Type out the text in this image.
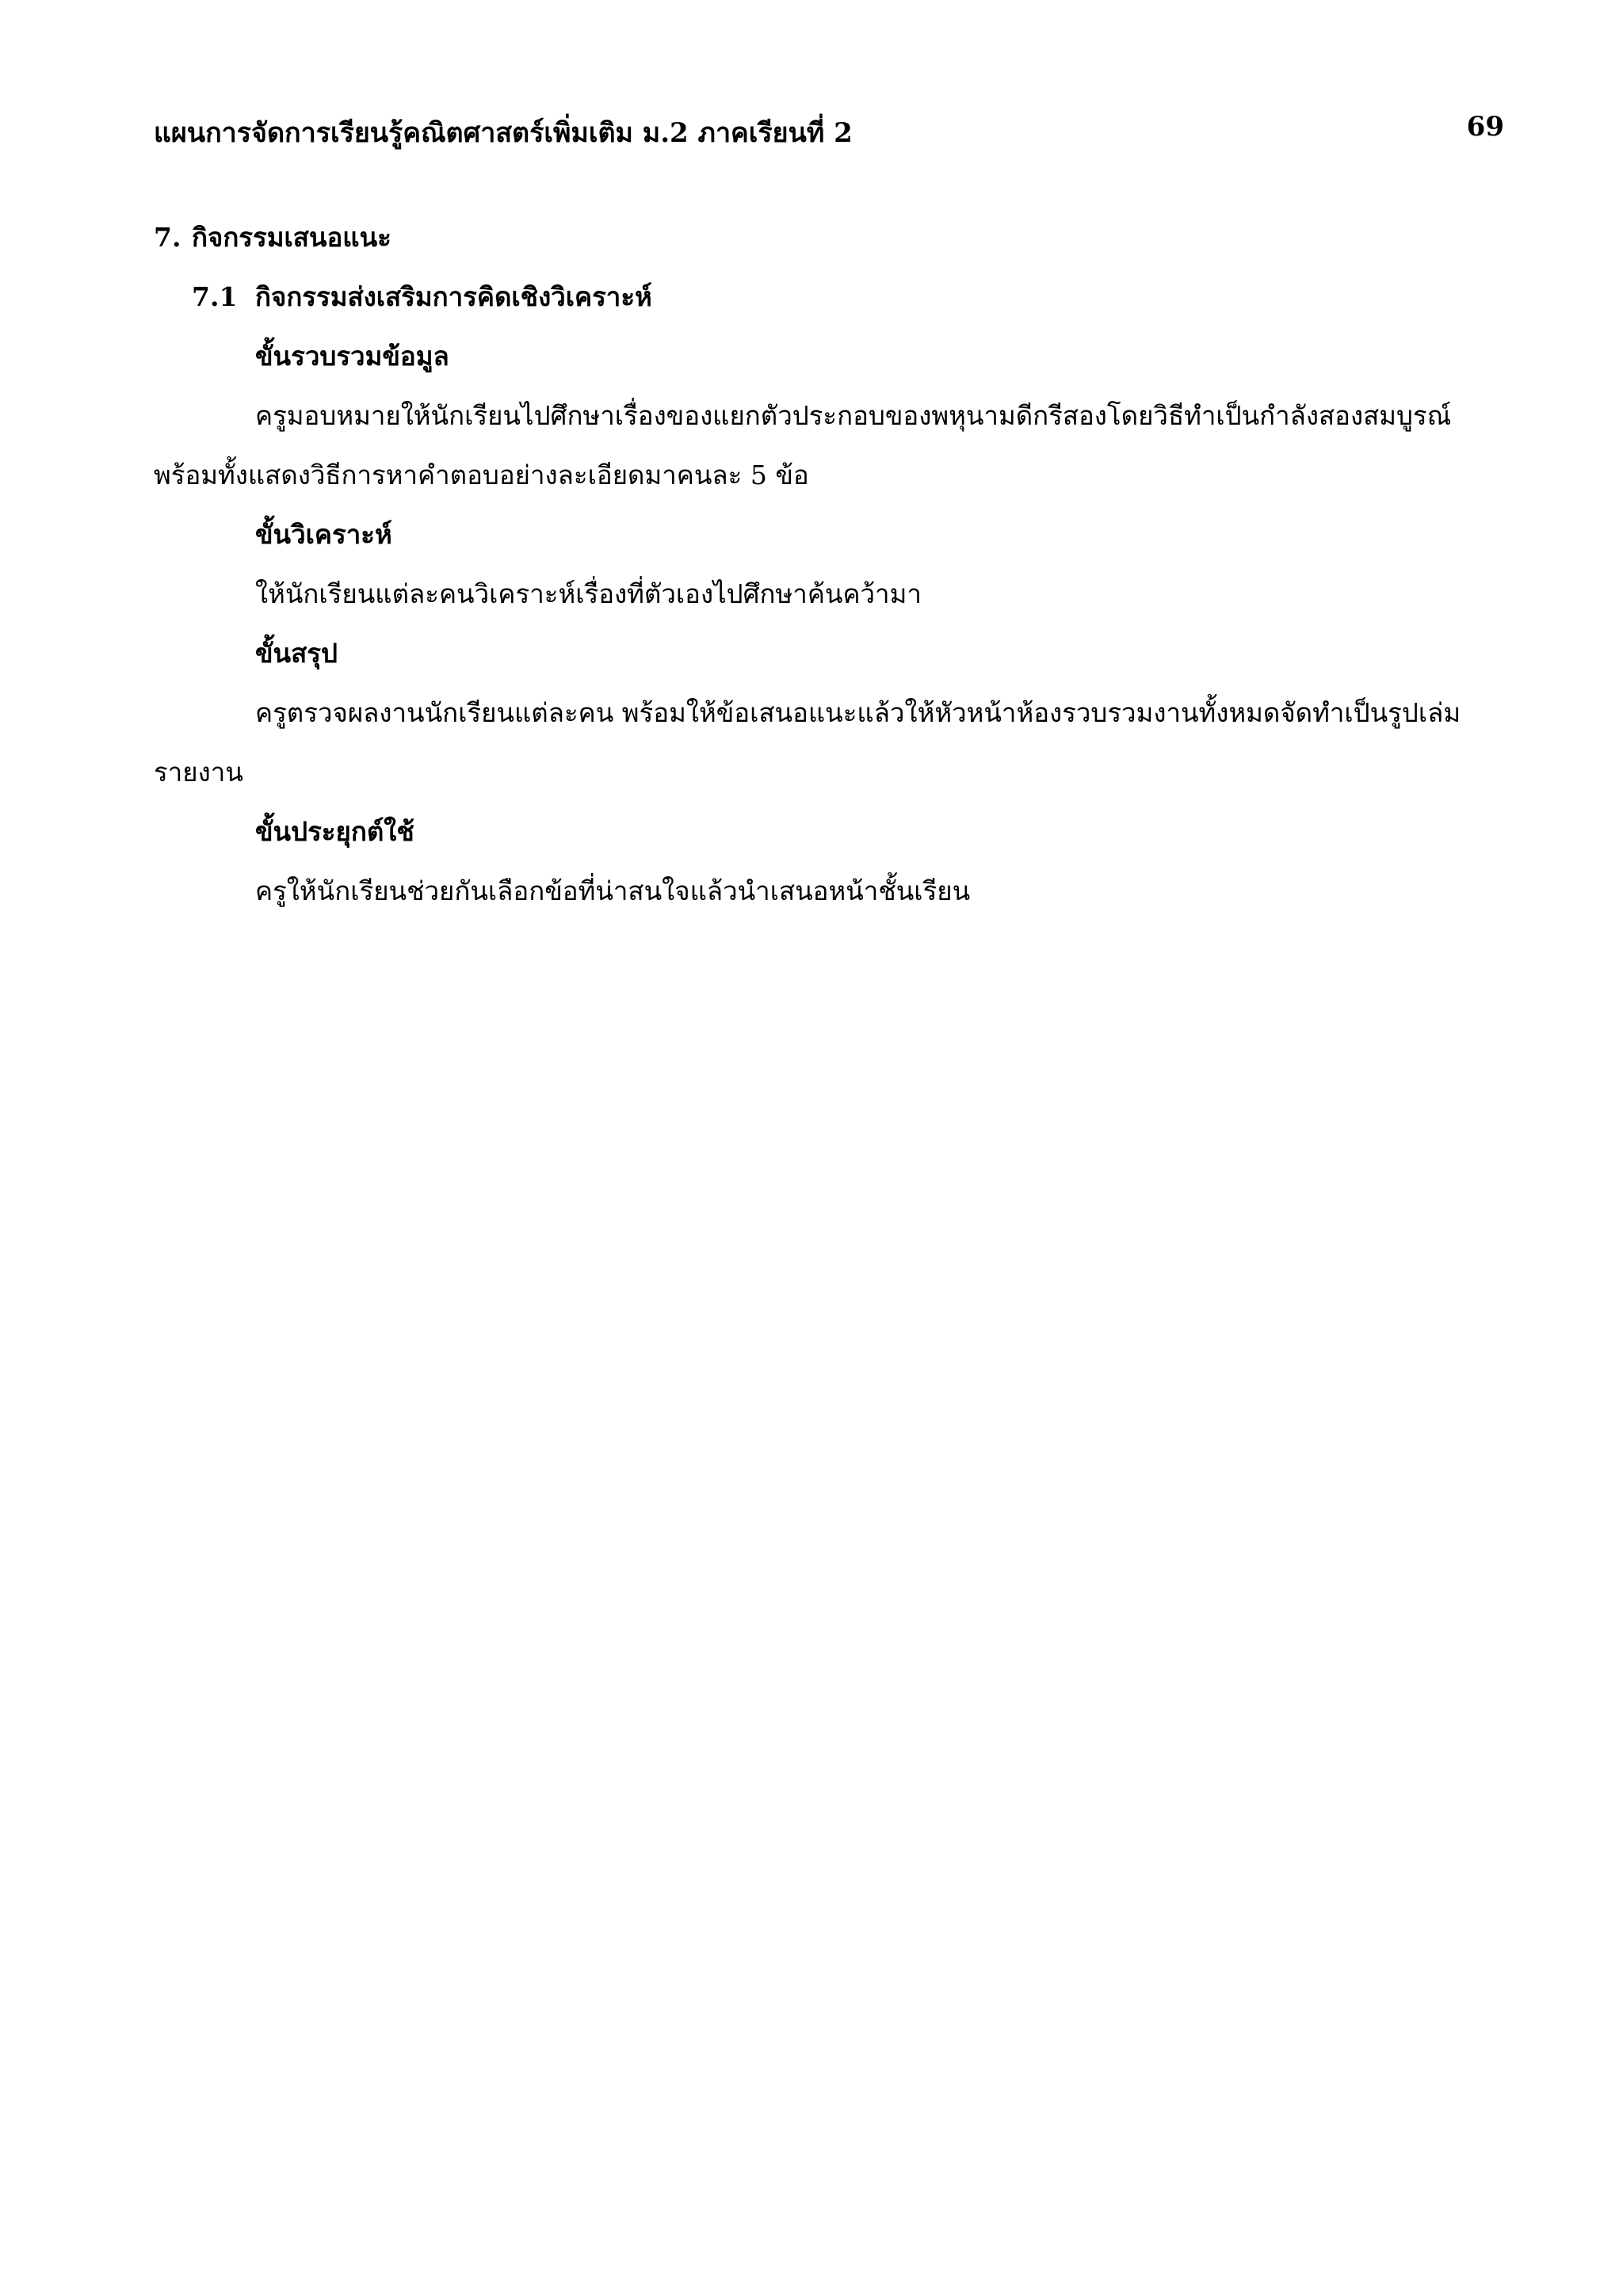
แผนการจัดการเรียนรู้คณิตศาสตร์เพิ่มเติม ม.2 ภาคเรียนที่ 2	69

7. กิจกรรมเสนอแนะ

7.1 กิจกรรมส่งเสริมการคิดเชิงวิเคราะห์

ขั้นรวบรวมข้อมูล

ครูมอบหมายให้นักเรียนไปศึกษาเรื่องของแยกตัวประกอบของพหุนามดีกรีสองโดยวิธีทำเป็นกำลังสองสมบูรณ์ พร้อมทั้งแสดงวิธีการหาคำตอบอย่างละเอียดมาคนละ 5 ข้อ

ขั้นวิเคราะห์

ให้นักเรียนแต่ละคนวิเคราะห์เรื่องที่ตัวเองไปศึกษาค้นคว้ามา

ขั้นสรุป

ครูตรวจผลงานนักเรียนแต่ละคน พร้อมให้ข้อเสนอแนะแล้วให้หัวหน้าห้องรวบรวมงานทั้งหมดจัดทำเป็นรูปเล่มรายงาน

ขั้นประยุกต์ใช้

ครูให้นักเรียนช่วยกันเลือกข้อที่น่าสนใจแล้วนำเสนอหน้าชั้นเรียน
